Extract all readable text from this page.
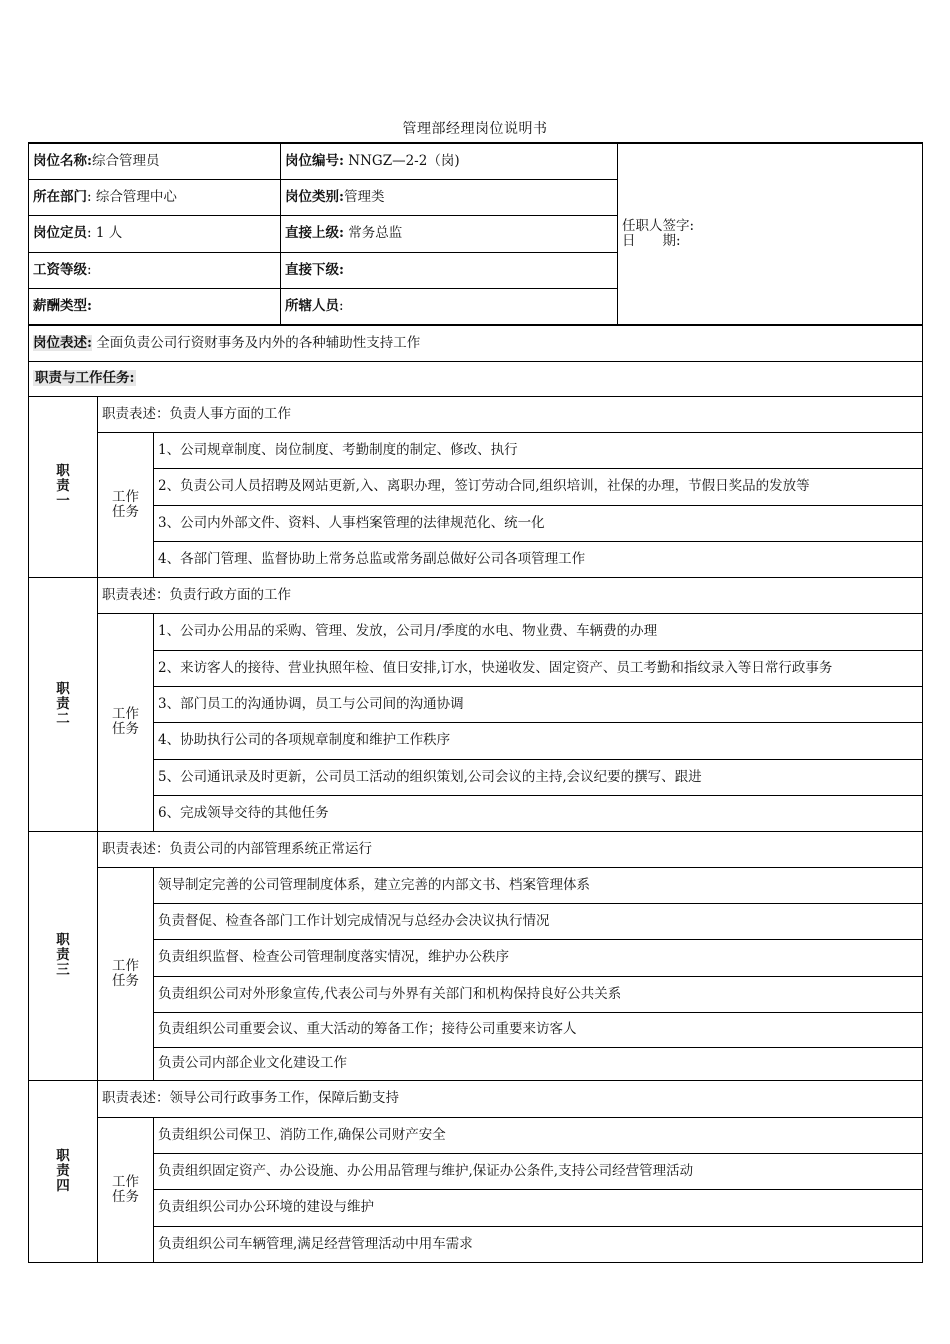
管理部经理岗位说明书
岗位名称:综合管理员			岗位编号: NNGZ—2-2（岗)	任职人签字:
日　　期:

所在部门: 综合管理中心			岗位类别:管理类	
岗位定员: 1 人			直接上级: 常务总监	
工资等级:			直接下级:	
薪酬类型:			所辖人员:	
岗位表述: 全面负责公司行资财事务及内外的各种辅助性支持工作				
职责与工作任务:				

职
责
一	职责表述：负责人事方面的工作			

	工作
任务	1、公司规章制度、岗位制度、考勤制度的制定、修改、执行		
		2、负责公司人员招聘及网站更新,入、离职办理，签订劳动合同,组织培训，社保的办理，节假日奖品的发放等		
		3、公司内外部文件、资料、人事档案管理的法律规范化、统一化		
		4、各部门管理、监督协助上常务总监或常务副总做好公司各项管理工作		

职
责
二	职责表述：负责行政方面的工作			

	工作
任务	1、公司办公用品的采购、管理、发放，公司月/季度的水电、物业费、车辆费的办理		
		2、来访客人的接待、营业执照年检、值日安排,订水，快递收发、固定资产、员工考勤和指纹录入等日常行政事务		
		3、部门员工的沟通协调，员工与公司间的沟通协调		
		4、协助执行公司的各项规章制度和维护工作秩序		
		5、公司通讯录及时更新，公司员工活动的组织策划,公司会议的主持,会议纪要的撰写、跟进		
		6、完成领导交待的其他任务		

职
责
三	职责表述：负责公司的内部管理系统正常运行			

	工作
任务	领导制定完善的公司管理制度体系，建立完善的内部文书、档案管理体系		
		负责督促、检查各部门工作计划完成情况与总经办会决议执行情况		
		负责组织监督、检查公司管理制度落实情况，维护办公秩序		
		负责组织公司对外形象宣传,代表公司与外界有关部门和机构保持良好公共关系		
		负责组织公司重要会议、重大活动的筹备工作；接待公司重要来访客人		
		负责公司内部企业文化建设工作		

职
责
四	职责表述：领导公司行政事务工作，保障后勤支持			

	工作
任务	负责组织公司保卫、消防工作,确保公司财产安全		
		负责组织固定资产、办公设施、办公用品管理与维护,保证办公条件,支持公司经营管理活动		
		负责组织公司办公环境的建设与维护		
		负责组织公司车辆管理,满足经营管理活动中用车需求		
